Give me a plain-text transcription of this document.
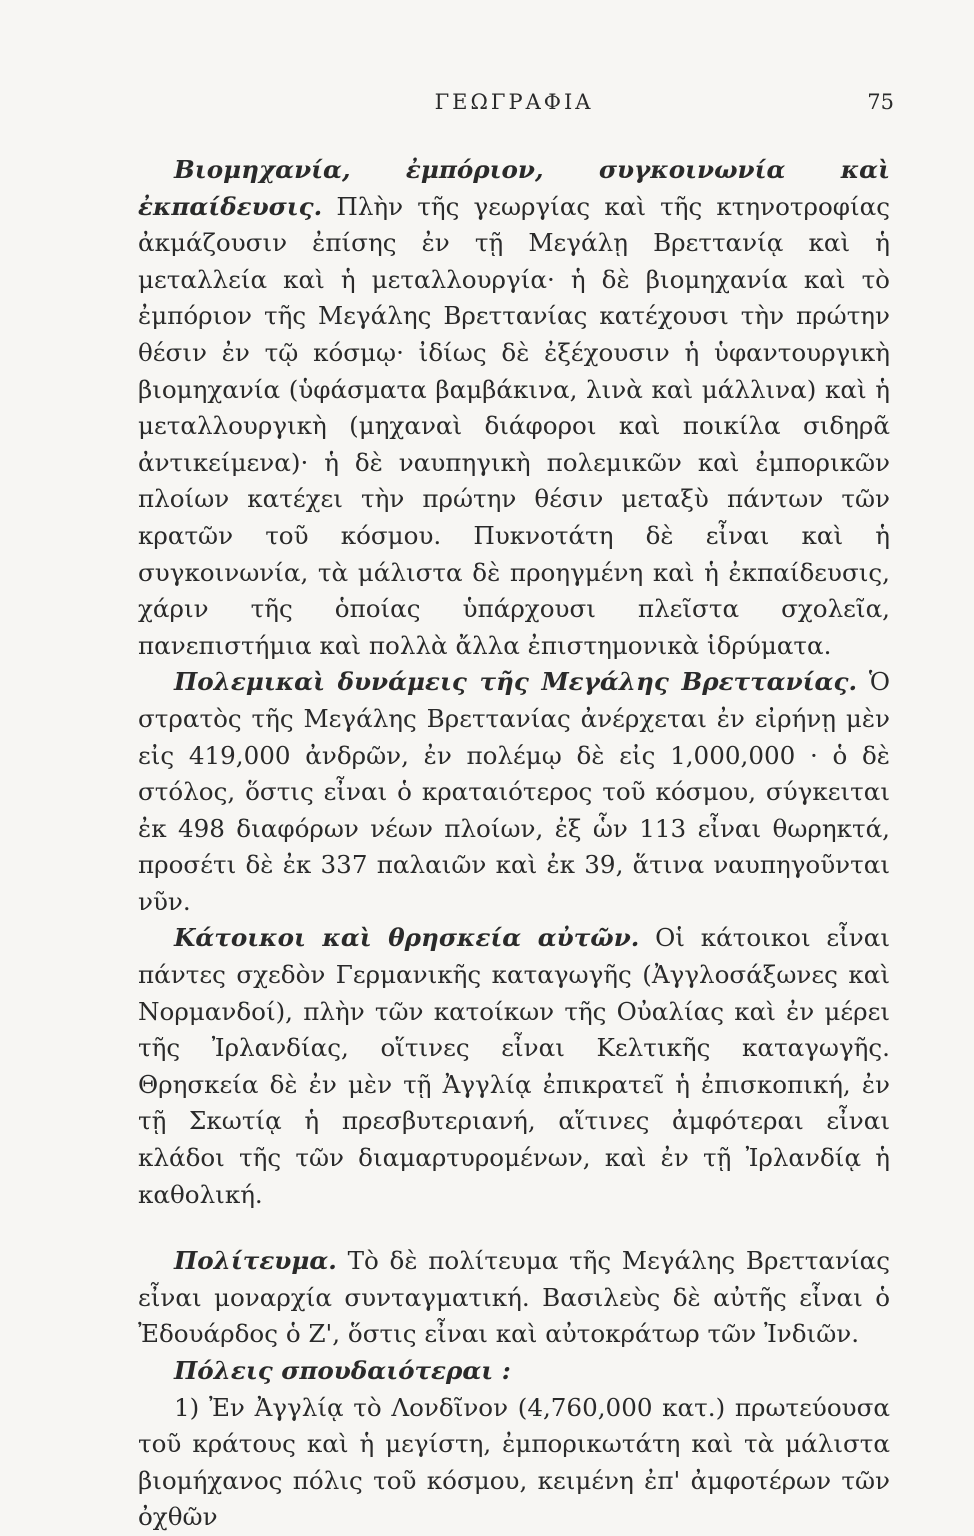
ΓΕΩΓΡΑΦΙΑ	75

Βιομηχανία, ἐμπόριον, συγκοινωνία καὶ ἐκπαίδευσις. Πλὴν τῆς γεωργίας καὶ τῆς κτηνοτροφίας ἀκμάζουσιν ἐπίσης ἐν τῇ Μεγάλῃ Βρεττανίᾳ καὶ ἡ μεταλλεία καὶ ἡ μεταλλουργία· ἡ δὲ βιομηχανία καὶ τὸ ἐμπόριον τῆς Μεγάλης Βρεττανίας κατέχουσι τὴν πρώτην θέσιν ἐν τῷ κόσμῳ· ἰδίως δὲ ἐξέχουσιν ἡ ὑφαντουργικὴ βιομηχανία (ὑφάσματα βαμβάκινα, λινὰ καὶ μάλλινα) καὶ ἡ μεταλλουργικὴ (μηχαναὶ διάφοροι καὶ ποικίλα σιδηρᾶ ἀντικείμενα)· ἡ δὲ ναυπηγικὴ πολεμικῶν καὶ ἐμπορικῶν πλοίων κατέχει τὴν πρώτην θέσιν μεταξὺ πάντων τῶν κρατῶν τοῦ κόσμου. Πυκνοτάτη δὲ εἶναι καὶ ἡ συγκοινωνία, τὰ μάλιστα δὲ προηγμένη καὶ ἡ ἐκπαίδευσις, χάριν τῆς ὁποίας ὑπάρχουσι πλεῖστα σχολεῖα, πανεπιστήμια καὶ πολλὰ ἄλλα ἐπιστημονικὰ ἱδρύματα.

Πολεμικαὶ δυνάμεις τῆς Μεγάλης Βρεττανίας. Ὁ στρατὸς τῆς Μεγάλης Βρεττανίας ἀνέρχεται ἐν εἰρήνῃ μὲν εἰς 419,000 ἀνδρῶν, ἐν πολέμῳ δὲ εἰς 1,000,000 · ὁ δὲ στόλος, ὅστις εἶναι ὁ κραταιότερος τοῦ κόσμου, σύγκειται ἐκ 498 διαφόρων νέων πλοίων, ἐξ ὧν 113 εἶναι θωρηκτά, προσέτι δὲ ἐκ 337 παλαιῶν καὶ ἐκ 39, ἅτινα ναυπηγοῦνται νῦν.

Κάτοικοι καὶ θρησκεία αὐτῶν. Οἱ κάτοικοι εἶναι πάντες σχεδὸν Γερμανικῆς καταγωγῆς (Ἀγγλοσάξωνες καὶ Νορμανδοί), πλὴν τῶν κατοίκων τῆς Οὐαλίας καὶ ἐν μέρει τῆς Ἰρλανδίας, οἵτινες εἶναι Κελτικῆς καταγωγῆς. Θρησκεία δὲ ἐν μὲν τῇ Ἀγγλίᾳ ἐπικρατεῖ ἡ ἐπισκοπική, ἐν τῇ Σκωτίᾳ ἡ πρεσβυτεριανή, αἵτινες ἀμφότεραι εἶναι κλάδοι τῆς τῶν διαμαρτυρομένων, καὶ ἐν τῇ Ἰρλανδίᾳ ἡ καθολική.

Πολίτευμα. Τὸ δὲ πολίτευμα τῆς Μεγάλης Βρεττανίας εἶναι μοναρχία συνταγματική. Βασιλεὺς δὲ αὐτῆς εἶναι ὁ Ἐδουάρδος ὁ Ζ', ὅστις εἶναι καὶ αὐτοκράτωρ τῶν Ἰνδιῶν.

Πόλεις σπουδαιότεραι :

1) Ἐν Ἀγγλίᾳ τὸ Λονδῖνον (4,760,000 κατ.) πρωτεύουσα τοῦ κράτους καὶ ἡ μεγίστη, ἐμπορικωτάτη καὶ τὰ μάλιστα βιομήχανος πόλις τοῦ κόσμου, κειμένη ἐπ' ἀμφοτέρων τῶν ὀχθῶν
